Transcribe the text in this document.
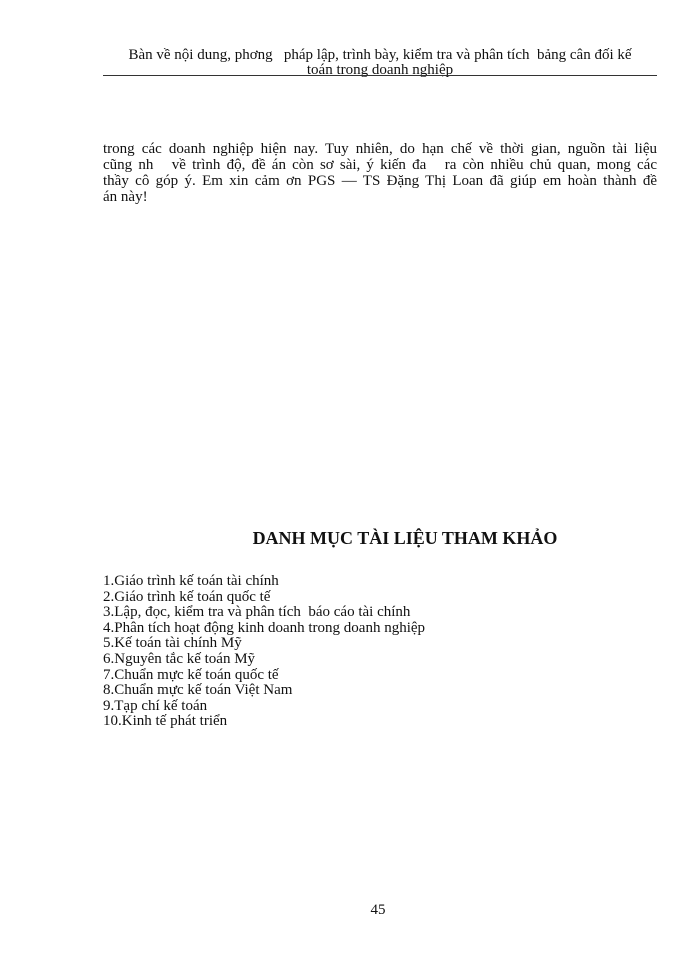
Bàn về nội dung, phơng   pháp lập, trình bày, kiểm tra và phân tích  bảng cân đối kế
toán trong doanh nghiệp
trong các doanh nghiệp hiện nay. Tuy nhiên, do hạn chế về thời gian, nguồn tài liệu
cũng nh   về trình độ, đề án còn sơ sài, ý kiến đa   ra còn nhiều chủ quan, mong các
thầy cô góp ý. Em xin cảm ơn PGS — TS Đặng Thị Loan đã giúp em hoàn thành đề
án này!
DANH MỤC TÀI LIỆU THAM KHẢO
1.Giáo trình kế toán tài chính
2.Giáo trình kế toán quốc tế
3.Lập, đọc, kiểm tra và phân tích  báo cáo tài chính
4.Phân tích hoạt động kinh doanh trong doanh nghiệp
5.Kế toán tài chính Mỹ
6.Nguyên tắc kế toán Mỹ
7.Chuẩn mực kế toán quốc tế
8.Chuẩn mực kế toán Việt Nam
9.Tạp chí kế toán
10.Kinh tế phát triển
45
